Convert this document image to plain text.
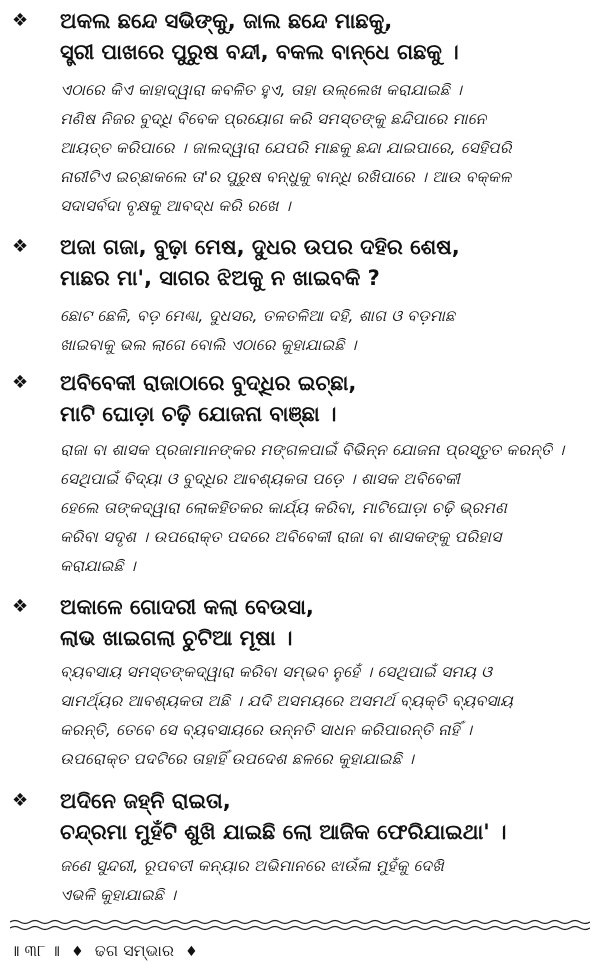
❖ ଅକଲ ଛନ୍ଦେ ସଭିଙ୍କୁ, ଜାଲ ଛନ୍ଦେ ମାଛକୁ,
ସ୍ତ୍ରୀ ପାଖରେ ପୁରୁଷ ବନ୍ଦୀ, ବକଲ ବାନ୍ଧେ ଗଛକୁ ।
ଏଠାରେ କିଏ କାହାଦ୍ୱାରା କବଳିତ ହୁଏ, ତାହା ଉଲ୍ଲେଖ କରାଯାଇଛି ।
ମଣିଷ ନିଜର ବୁଦ୍ଧି ବିବେକ ପ୍ରୟୋଗ କରି ସମସ୍ତଙ୍କୁ ଛନ୍ଦିପାରେ ମାନେ
ଆୟତ୍ତ କରିପାରେ । ଜାଲଦ୍ୱାରା ଯେପରି ମାଛକୁ ଛନ୍ଦା ଯାଇପାରେ, ସେହିପରି
ନାରୀଟିଏ ଇଚ୍ଛାକଲେ ତା'ର ପୁରୁଷ ବନ୍ଧୁକୁ ବାନ୍ଧି ରଖିପାରେ । ଆଉ ବକ୍‌କଳ
ସଦାସର୍ବଦା ବୃକ୍ଷକୁ ଆବଦ୍ଧ କରି ରଖେ ।
❖ ଅଜା ଗଜା, ବୁଢ଼ା ମେଷ, ଦୁଧର ଉପର ଦହିର ଶେଷ,
ମାଛର ମା', ସାଗର ଝିଅକୁ ନ ଖାଇବକି ?
ଛୋଟ ଛେଳି, ବଡ଼ ମେଣ୍ଢା, ଦୁଧସର, ତଳତଳିଆ ଦହି, ଶାଗ ଓ ବଡ଼ମାଛ
ଖାଇବାକୁ ଭଲ ଲାଗେ ବୋଲି ଏଠାରେ କୁହାଯାଇଛି ।
❖ ଅବିବେକୀ ରାଜାଠାରେ ବୁଦ୍ଧିର ଇଚ୍ଛା,
ମାଟି ଘୋଡ଼ା ଚଢ଼ି ଯୋଜନା ବାଞ୍ଛା ।
ରାଜା ବା ଶାସକ ପ୍ରଜାମାନଙ୍କର ମଙ୍ଗଳପାଇଁ ବିଭିନ୍ନ ଯୋଜନା ପ୍ରସ୍ତୁତ କରନ୍ତି ।
ସେଥିପାଇଁ ବିଦ୍ୟା ଓ ବୁଦ୍ଧିର ଆବଶ୍ୟକତା ପଡ଼େ । ଶାସକ ଅବିବେକୀ
ହେଲେ ତାଙ୍କଦ୍ୱାରା ଲୋକହିତକର କାର୍ଯ୍ୟ କରିବା, ମାଟିଘୋଡ଼ା ଚଢ଼ି ଭ୍ରମଣ
କରିବା ସଦୃଶ । ଉପରୋକ୍ତ ପଦରେ ଅବିବେକୀ ରାଜା ବା ଶାସକଙ୍କୁ ପରିହାସ
କରାଯାଇଛି ।
❖ ଅକାଳେ ଗୋଦରୀ କଲା ବେଉସା,
ଲାଭ ଖାଇଗଲା ଚୁଟିଆ ମୂଷା ।
ବ୍ୟବସାୟ ସମସ୍ତଙ୍କଦ୍ୱାରା କରିବା ସମ୍ଭବ ନୁହେଁ । ସେଥିପାଇଁ ସମୟ ଓ
ସାମର୍ଥ୍ୟର ଆବଶ୍ୟକତା ଅଛି । ଯଦି ଅସମୟରେ ଅସମର୍ଥ ବ୍ୟକ୍ତି ବ୍ୟବସାୟ
କରନ୍ତି, ତେବେ ସେ ବ୍ୟବସାୟରେ ଉନ୍ନତି ସାଧନ କରିପାରନ୍ତି ନାହିଁ ।
ଉପରୋକ୍ତ ପଦଟିରେ ତାହାହିଁ ଉପଦେଶ ଛଳରେ କୁହାଯାଇଛି ।
❖ ଅଦିନେ ଜହ୍ନି ରାଇତା,
ଚନ୍ଦ୍ରମା ମୁହଁଟି ଶୁଖି ଯାଇଛି ଲୋ ଆଜିକ ଫେରିଯାଇଥା' ।
ଜଣେ ସୁନ୍ଦରୀ, ରୂପବତୀ କନ୍ୟାର ଅଭିମାନରେ ଝାଉଁଳା ମୁହଁକୁ ଦେଖି
ଏଭଳି କୁହାଯାଇଛି ।
॥ ୩୮ ॥ ♦ ଢଗ ସମ୍ଭାର ♦
